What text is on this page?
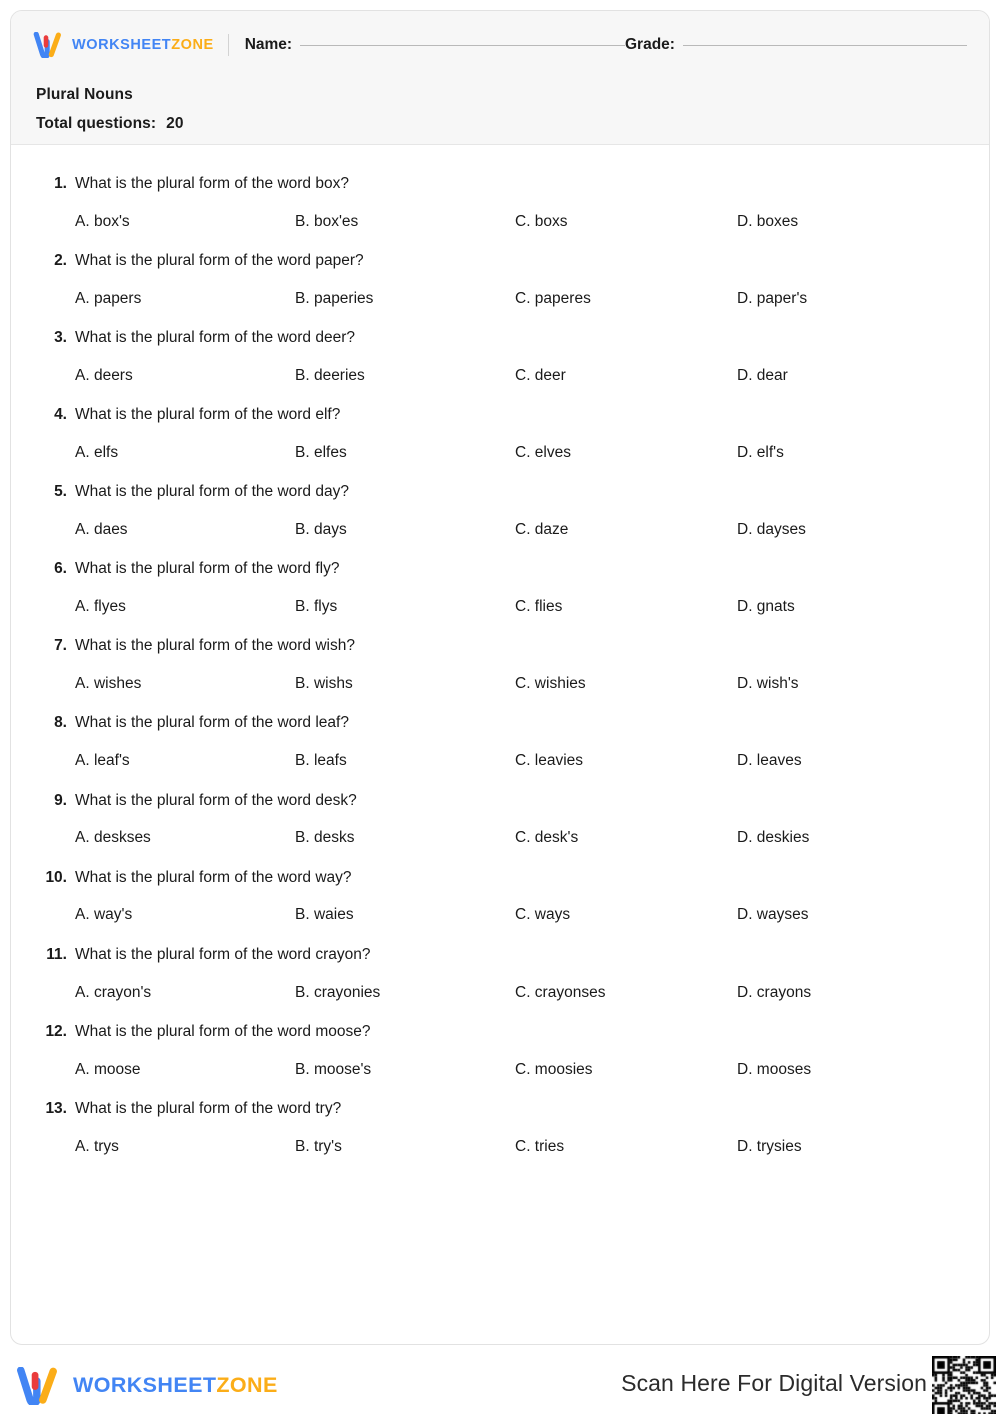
WORKSHEETZONE Name:	Grade:
Plural Nouns
Total questions: 20
1. What is the plural form of the word box?
A. box's	B. box'es	C. boxs	D. boxes
2. What is the plural form of the word paper?
A. papers	B. paperies	C. paperes	D. paper's
3. What is the plural form of the word deer?
A. deers	B. deeries	C. deer	D. dear
4. What is the plural form of the word elf?
A. elfs	B. elfes	C. elves	D. elf's
5. What is the plural form of the word day?
A. daes	B. days	C. daze	D. dayses
6. What is the plural form of the word fly?
A. flyes	B. flys	C. flies	D. gnats
7. What is the plural form of the word wish?
A. wishes	B. wishs	C. wishies	D. wish's
8. What is the plural form of the word leaf?
A. leaf's	B. leafs	C. leavies	D. leaves
9. What is the plural form of the word desk?
A. deskses	B. desks	C. desk's	D. deskies
10. What is the plural form of the word way?
A. way's	B. waies	C. ways	D. wayses
11. What is the plural form of the word crayon?
A. crayon's	B. crayonies	C. crayonses	D. crayons
12. What is the plural form of the word moose?
A. moose	B. moose's	C. moosies	D. mooses
13. What is the plural form of the word try?
A. trys	B. try's	C. tries	D. trysies
WORKSHEETZONE	Scan Here For Digital Version
